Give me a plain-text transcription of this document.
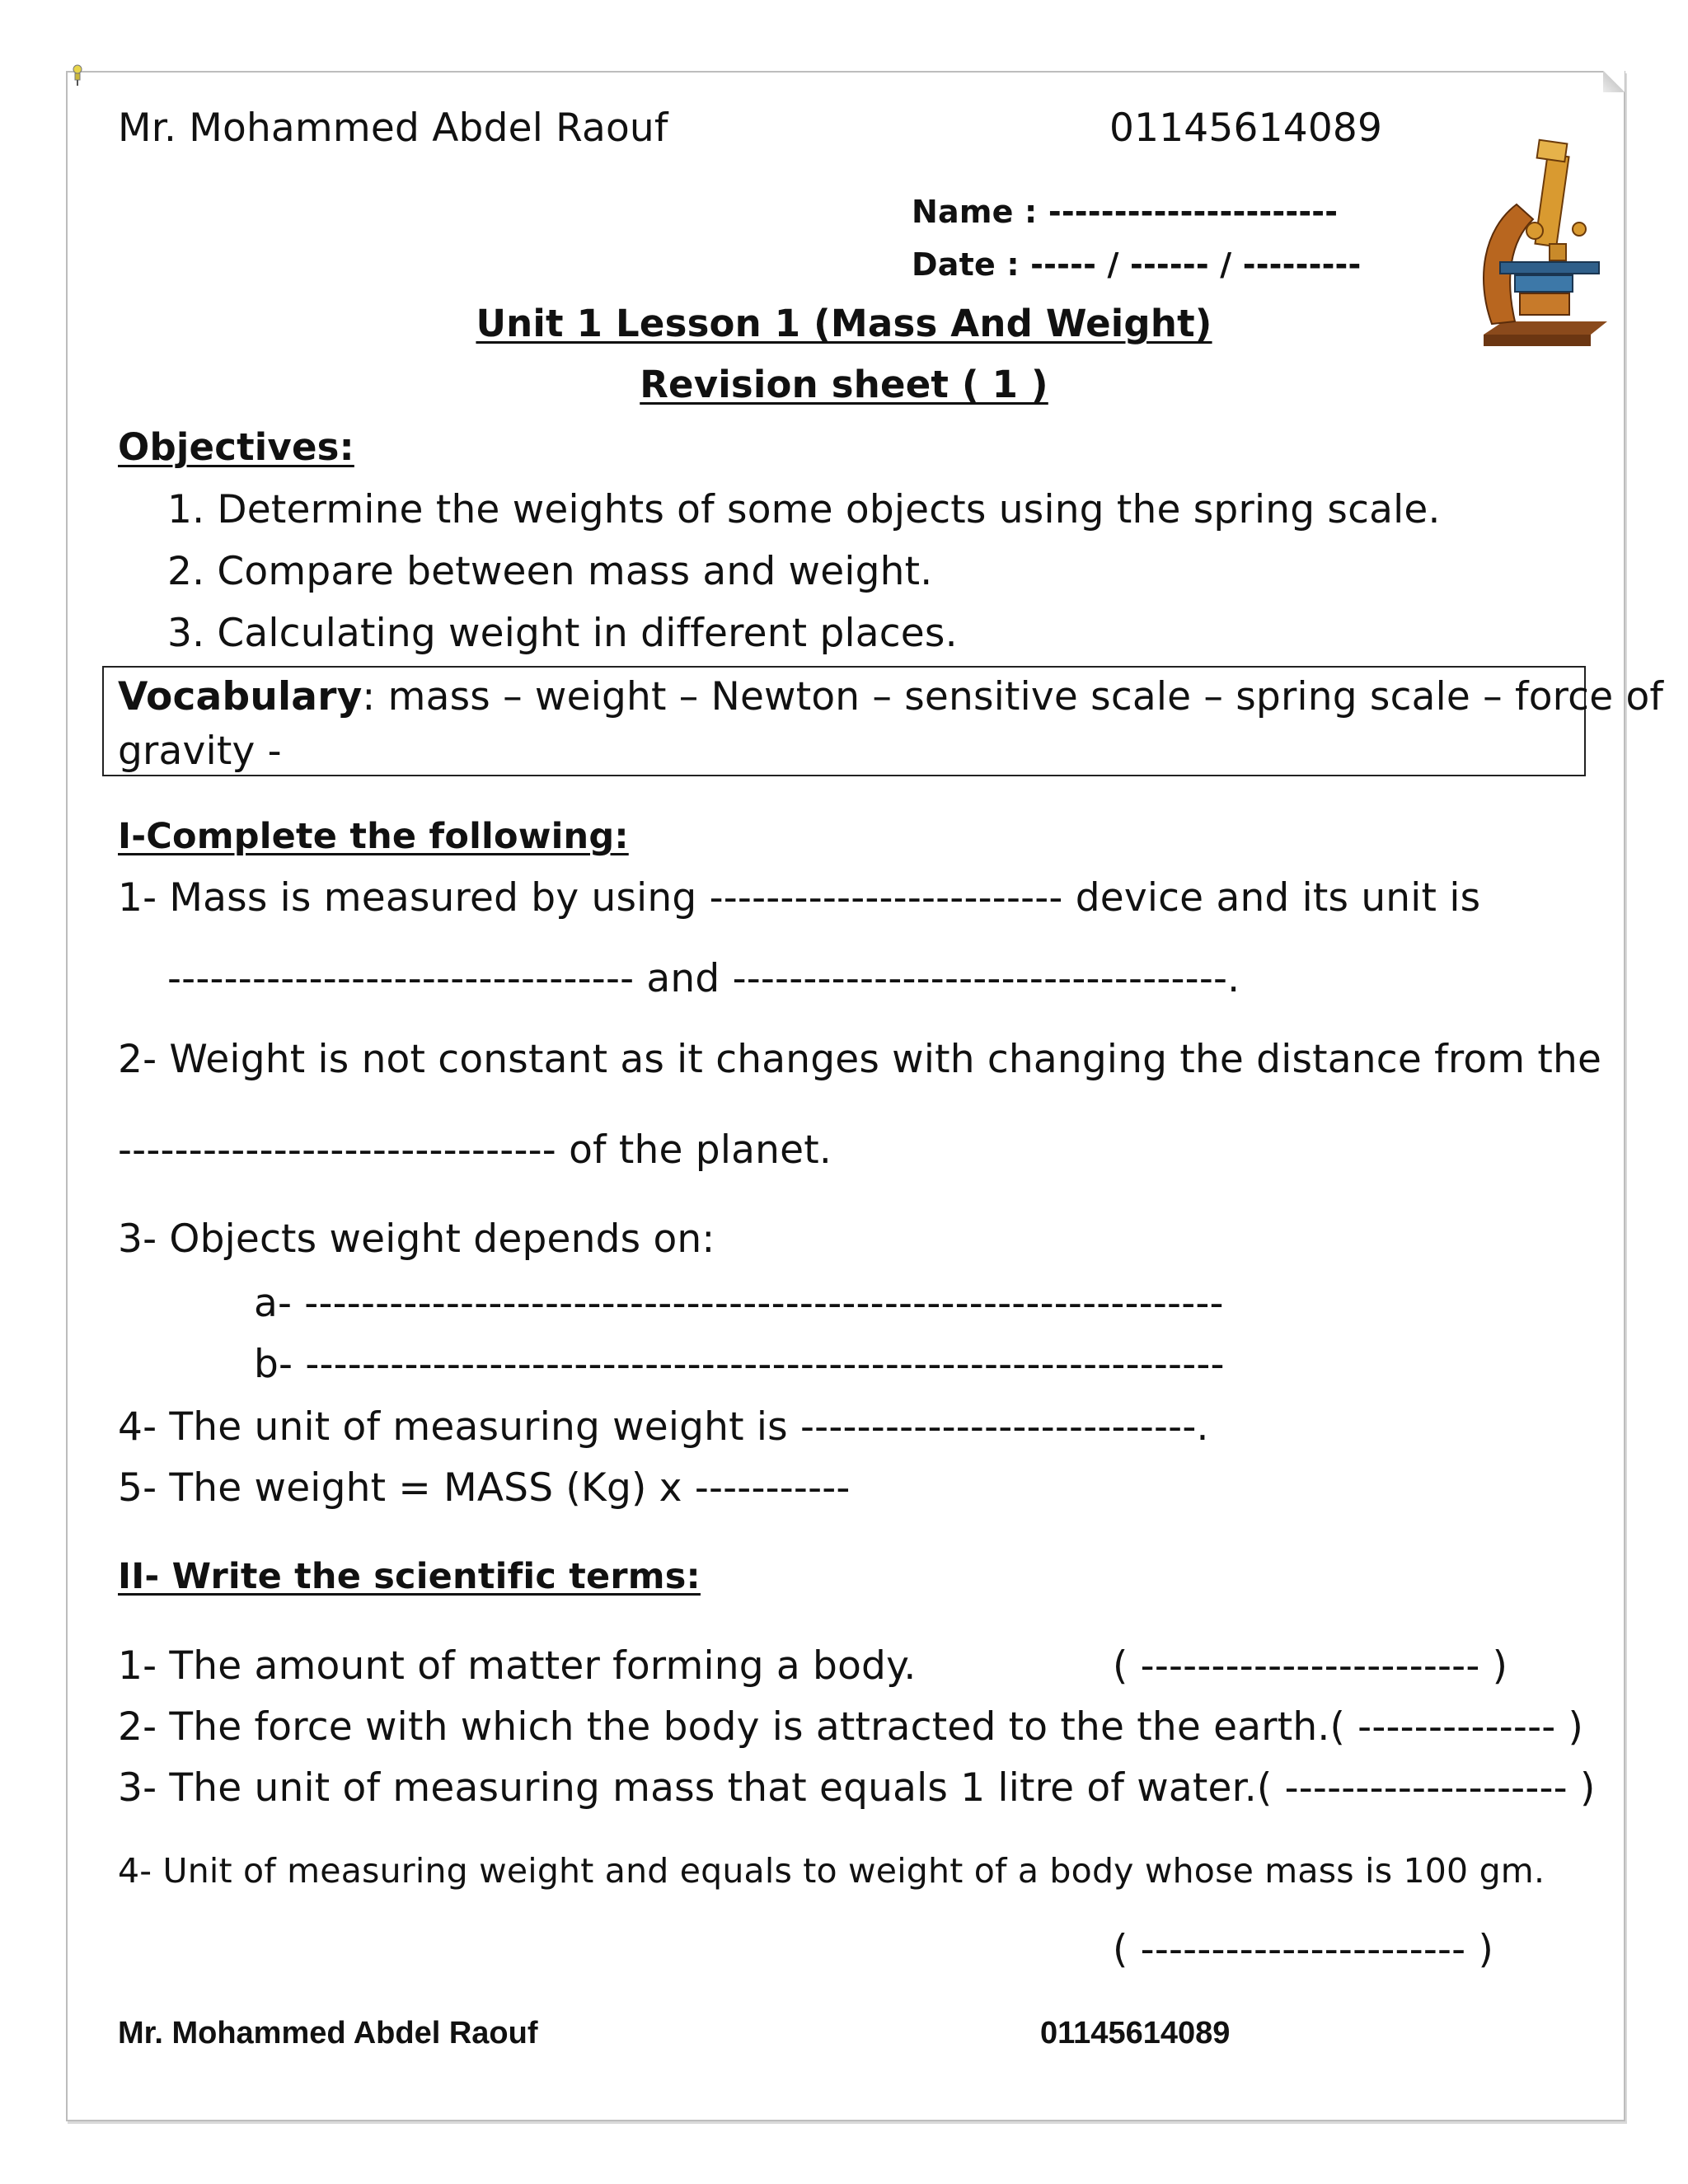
Mr. Mohammed Abdel Raouf	01145614089
Name : ----------------------
Date : ----- / ------ / ---------
Unit 1 Lesson 1 (Mass And Weight)
Revision sheet ( 1 )
Objectives:
1. Determine the weights of some objects using the spring scale.
2. Compare between mass and weight.
3. Calculating weight in different places.
Vocabulary: mass – weight – Newton – sensitive scale – spring scale – force of
gravity -
I-Complete the following:
1- Mass is measured by using ------------------------- device and its unit is
--------------------------------- and -----------------------------------.
2- Weight is not constant as it changes with changing the distance from the
------------------------------- of the planet.
3- Objects weight depends on:
a- -----------------------------------------------------------------
b- -----------------------------------------------------------------
4- The unit of measuring weight is ----------------------------.
5- The weight = MASS (Kg) x -----------
II- Write the scientific terms:
1- The amount of matter forming a body.	( ------------------------ )
2- The force with which the body is attracted to the the earth.( -------------- )
3- The unit of measuring mass that equals 1 litre of water.( -------------------- )
4- Unit of measuring weight and equals to weight of a body whose mass is 100 gm.
( ----------------------- )
Mr. Mohammed Abdel Raouf	01145614089
